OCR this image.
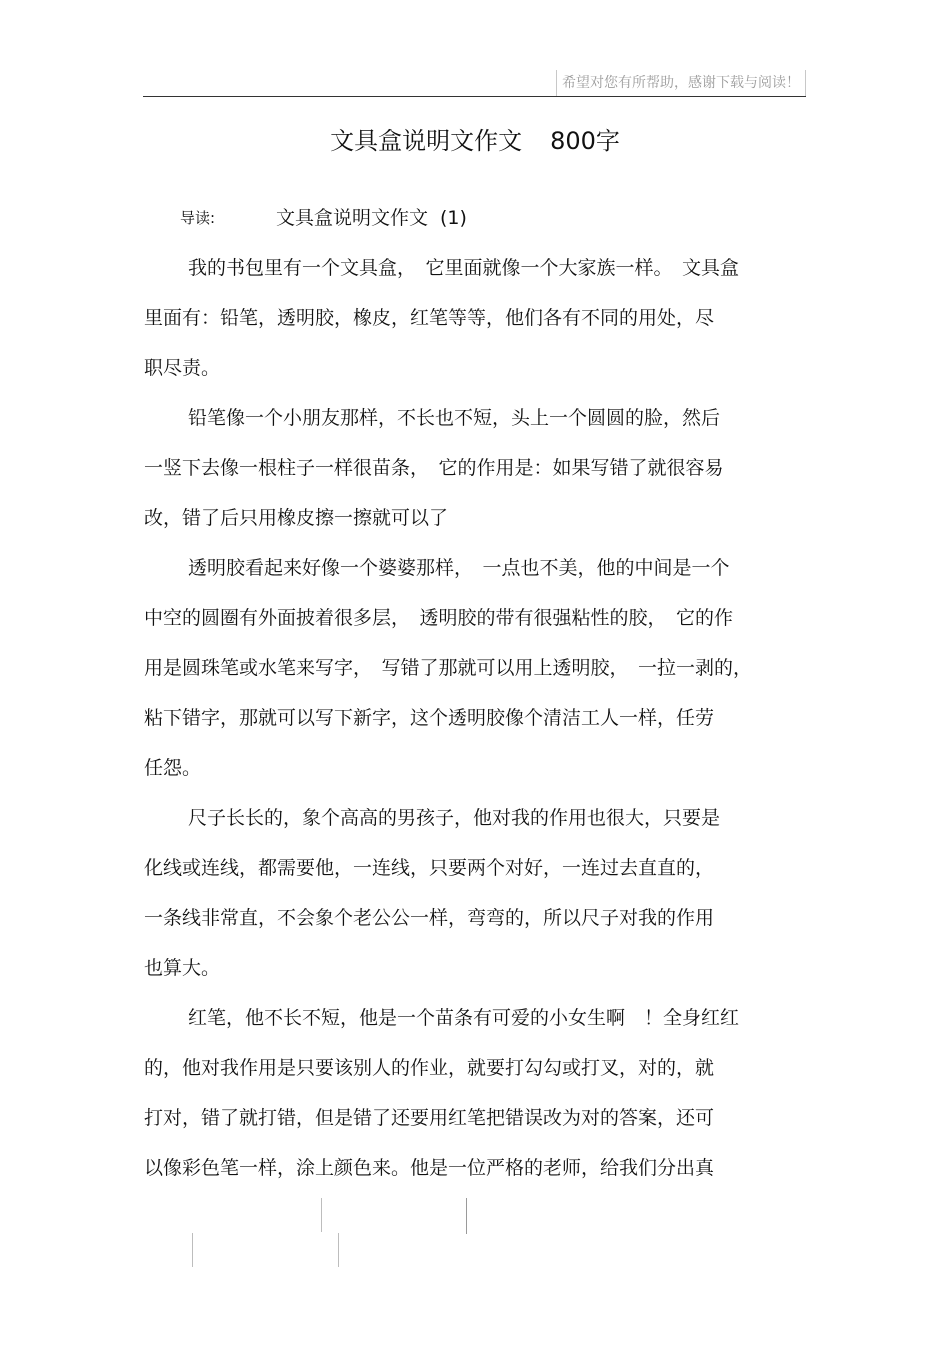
希望对您有所帮助，感谢下载与阅读！
文具盒说明文作文 800字
导读:	文具盒说明文作文 (1)
我的书包里有一个文具盒，　它里面就像一个大家族一样。　文具盒
里面有：铅笔，透明胶，橡皮，红笔等等，他们各有不同的用处，尽
职尽责。
铅笔像一个小朋友那样，不长也不短，头上一个圆圆的脸，然后
一竖下去像一根柱子一样很苗条，　它的作用是：如果写错了就很容易
改，错了后只用橡皮擦一擦就可以了
透明胶看起来好像一个婆婆那样，　一点也不美，他的中间是一个
中空的圆圈有外面披着很多层，　透明胶的带有很强粘性的胶，　它的作
用是圆珠笔或水笔来写字，　写错了那就可以用上透明胶，　一拉一剥的，
粘下错字，那就可以写下新字，这个透明胶像个清洁工人一样，任劳
任怨。
尺子长长的，象个高高的男孩子，他对我的作用也很大，只要是
化线或连线，都需要他，一连线，只要两个对好，一连过去直直的，
一条线非常直，不会象个老公公一样，弯弯的，所以尺子对我的作用
也算大。
红笔，他不长不短，他是一个苗条有可爱的小女生啊　！全身红红
的，他对我作用是只要该别人的作业，就要打勾勾或打叉，对的，就
打对，错了就打错，但是错了还要用红笔把错误改为对的答案，还可
以像彩色笔一样，涂上颜色来。他是一位严格的老师，给我们分出真
